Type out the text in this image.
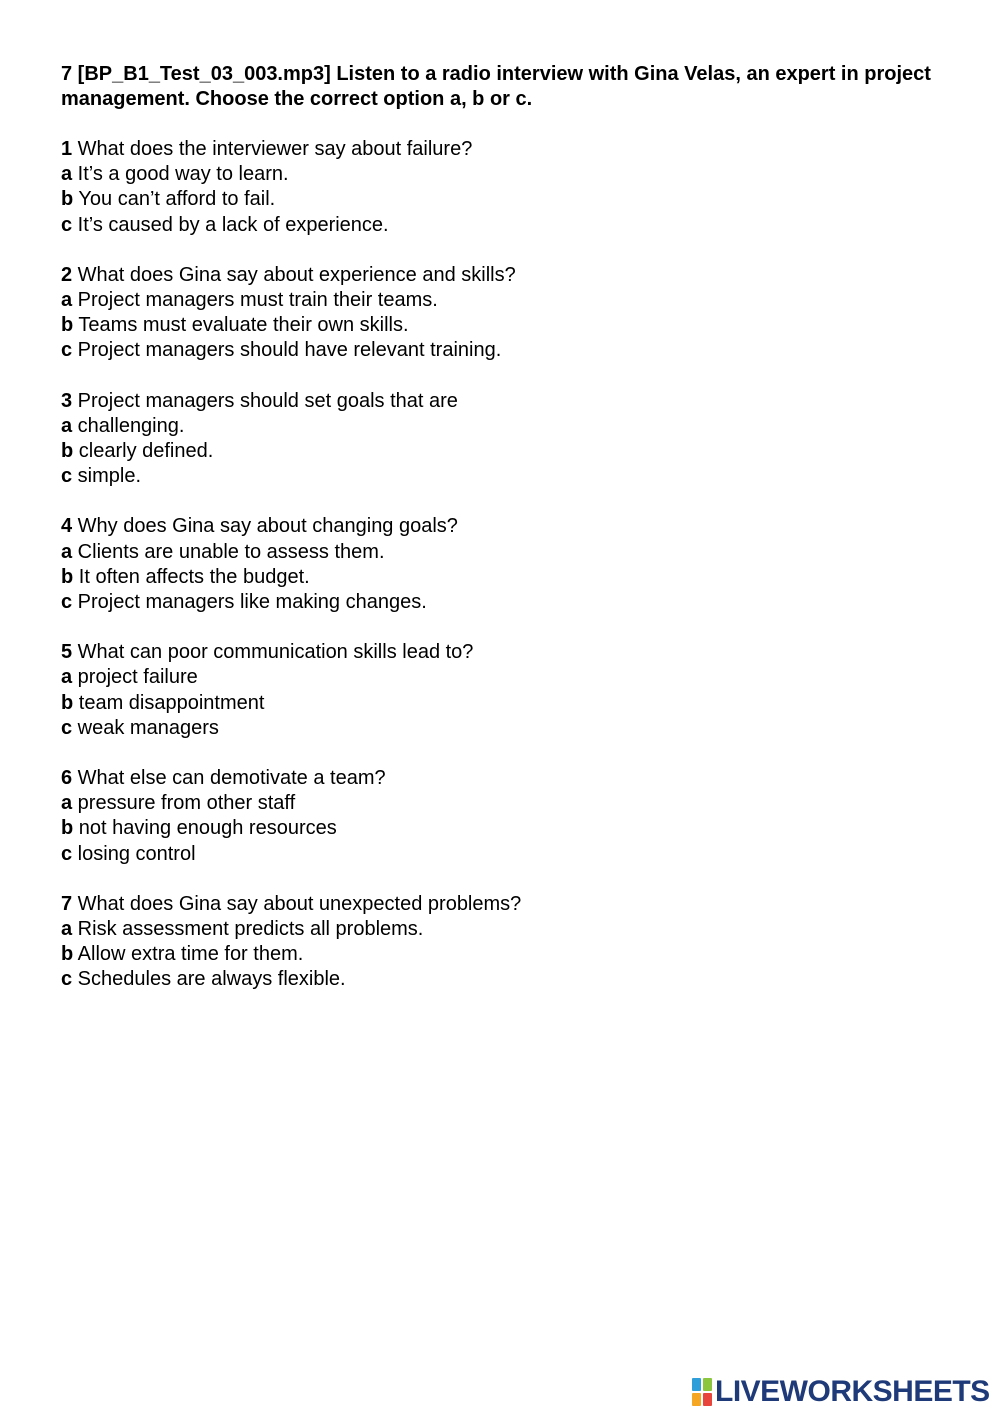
7 [BP_B1_Test_03_003.mp3] Listen to a radio interview with Gina Velas, an expert in project management. Choose the correct option a, b or c.
1 What does the interviewer say about failure?
a It’s a good way to learn.
b You can’t afford to fail.
c It’s caused by a lack of experience.
2 What does Gina say about experience and skills?
a Project managers must train their teams.
b Teams must evaluate their own skills.
c Project managers should have relevant training.
3 Project managers should set goals that are
a challenging.
b clearly defined.
c simple.
4 Why does Gina say about changing goals?
a Clients are unable to assess them.
b It often affects the budget.
c Project managers like making changes.
5 What can poor communication skills lead to?
a project failure
b team disappointment
c weak managers
6 What else can demotivate a team?
a pressure from other staff
b not having enough resources
c losing control
7 What does Gina say about unexpected problems?
a Risk assessment predicts all problems.
b Allow extra time for them.
c Schedules are always flexible.
LIVEWORKSHEETS
